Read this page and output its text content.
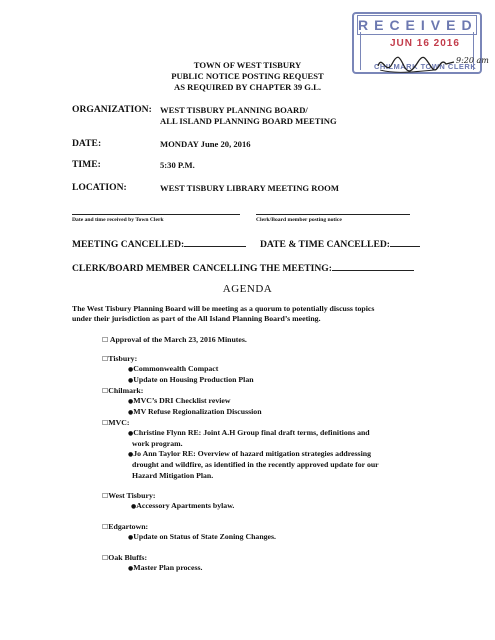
RECEIVED
JUN 16 2016
CHILMARK TOWN CLERK
9:20 am
TOWN OF WEST TISBURY
PUBLIC NOTICE POSTING REQUEST
AS REQUIRED BY CHAPTER 39 G.L.
ORGANIZATION: WEST TISBURY PLANNING BOARD/
ALL ISLAND PLANNING BOARD MEETING
DATE:	MONDAY June 20, 2016
TIME:	5:30 P.M.
LOCATION:	WEST TISBURY LIBRARY MEETING ROOM
Date and time received by Town Clerk	Clerk/Board member posting notice
MEETING CANCELLED:	DATE & TIME CANCELLED:
CLERK/BOARD MEMBER CANCELLING THE MEETING:
AGENDA
The West Tisbury Planning Board will be meeting as a quorum to potentially discuss topics
under their jurisdiction as part of the All Island Planning Board’s meeting.
☐ Approval of the March 23, 2016 Minutes.
☐Tisbury:
●Commonwealth Compact
●Update on Housing Production Plan
☐Chilmark:
●MVC’s DRI Checklist review
●MV Refuse Regionalization Discussion
☐MVC:
●Christine Flynn RE: Joint A.H Group final draft terms, definitions and
work program.
●Jo Ann Taylor RE: Overview of hazard mitigation strategies addressing
drought and wildfire, as identified in the recently approved update for our
Hazard Mitigation Plan.
☐West Tisbury:
●Accessory Apartments bylaw.
☐Edgartown:
●Update on Status of State Zoning Changes.
☐Oak Bluffs:
●Master Plan process.
